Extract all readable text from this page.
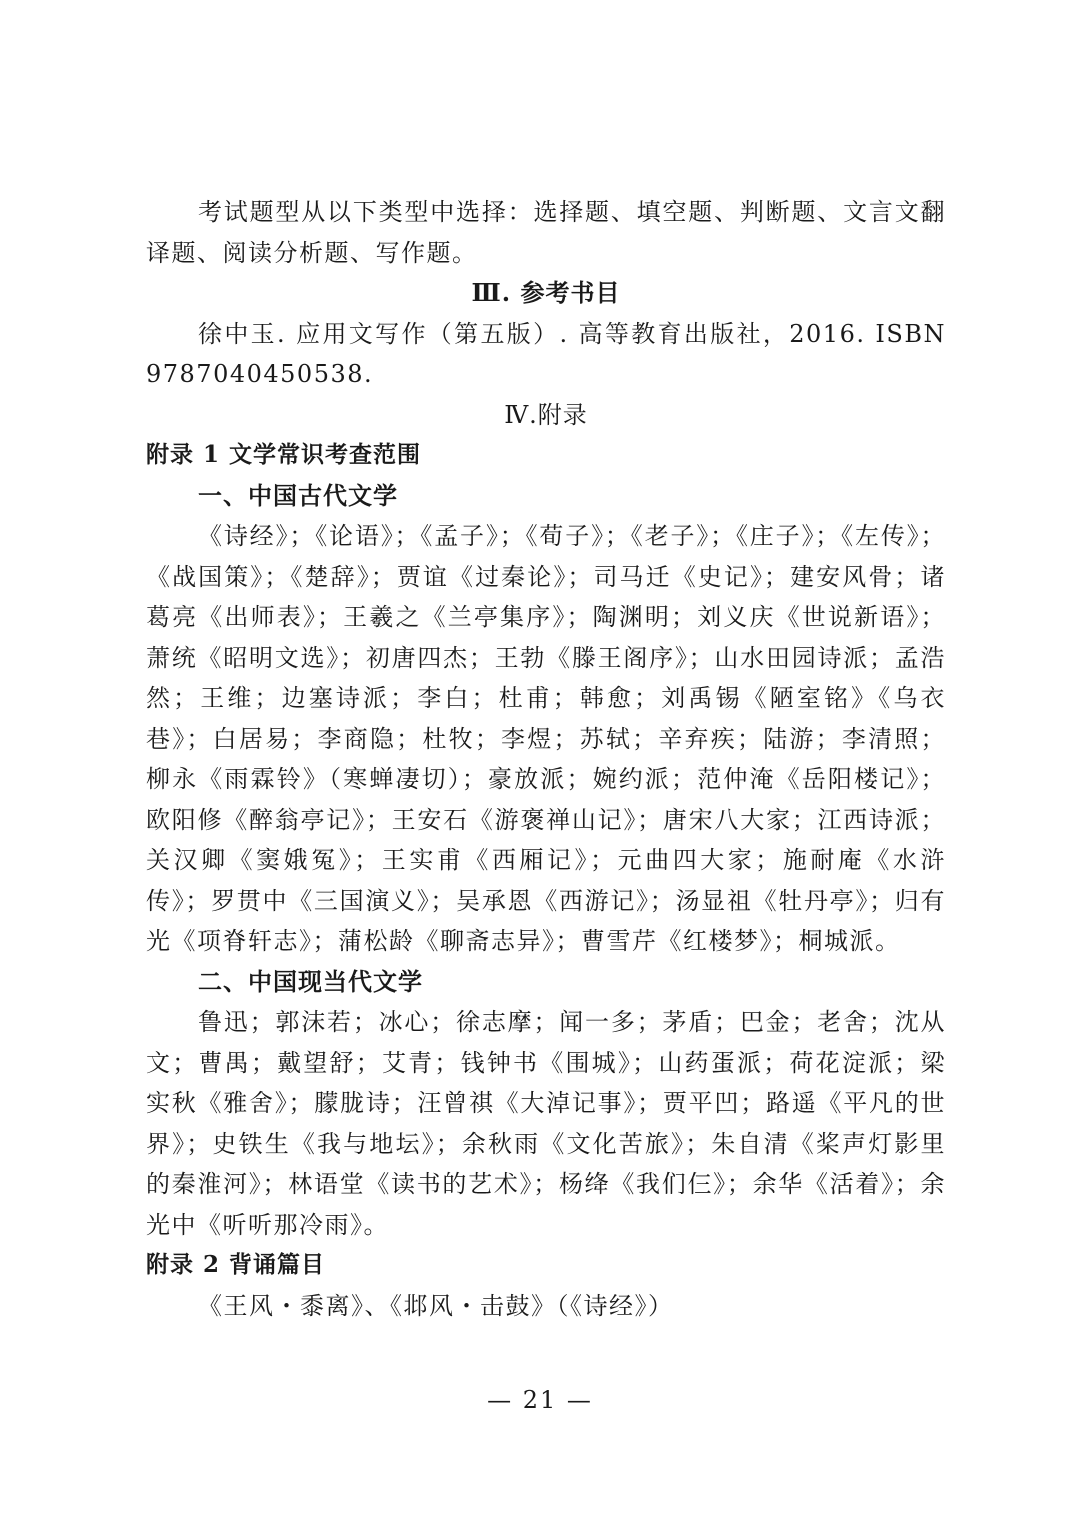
考试题型从以下类型中选择：选择题、填空题、判断题、文言文翻译题、阅读分析题、写作题。

Ⅲ. 参考书目

徐中玉. 应用文写作（第五版）. 高等教育出版社，2016. ISBN 9787040450538.

Ⅳ.附录

附录 1 文学常识考查范围

一、中国古代文学

《诗经》；《论语》；《孟子》；《荀子》；《老子》；《庄子》；《左传》；《战国策》；《楚辞》；贾谊《过秦论》；司马迁《史记》；建安风骨；诸葛亮《出师表》；王羲之《兰亭集序》；陶渊明；刘义庆《世说新语》；萧统《昭明文选》；初唐四杰；王勃《滕王阁序》；山水田园诗派；孟浩然；王维；边塞诗派；李白；杜甫；韩愈；刘禹锡《陋室铭》《乌衣巷》；白居易；李商隐；杜牧；李煜；苏轼；辛弃疾；陆游；李清照；柳永《雨霖铃》（寒蝉凄切）；豪放派；婉约派；范仲淹《岳阳楼记》；欧阳修《醉翁亭记》；王安石《游褒禅山记》；唐宋八大家；江西诗派；关汉卿《窦娥冤》；王实甫《西厢记》；元曲四大家；施耐庵《水浒传》；罗贯中《三国演义》；吴承恩《西游记》；汤显祖《牡丹亭》；归有光《项脊轩志》；蒲松龄《聊斋志异》；曹雪芹《红楼梦》；桐城派。

二、中国现当代文学

鲁迅；郭沫若；冰心；徐志摩；闻一多；茅盾；巴金；老舍；沈从文；曹禺；戴望舒；艾青；钱钟书《围城》；山药蛋派；荷花淀派；梁实秋《雅舍》；朦胧诗；汪曾祺《大淖记事》；贾平凹；路遥《平凡的世界》；史铁生《我与地坛》；余秋雨《文化苦旅》；朱自清《桨声灯影里的秦淮河》；林语堂《读书的艺术》；杨绛《我们仨》；余华《活着》；余光中《听听那冷雨》。

附录 2 背诵篇目

《王风・黍离》、《邶风・击鼓》（《诗经》）

— 21 —
